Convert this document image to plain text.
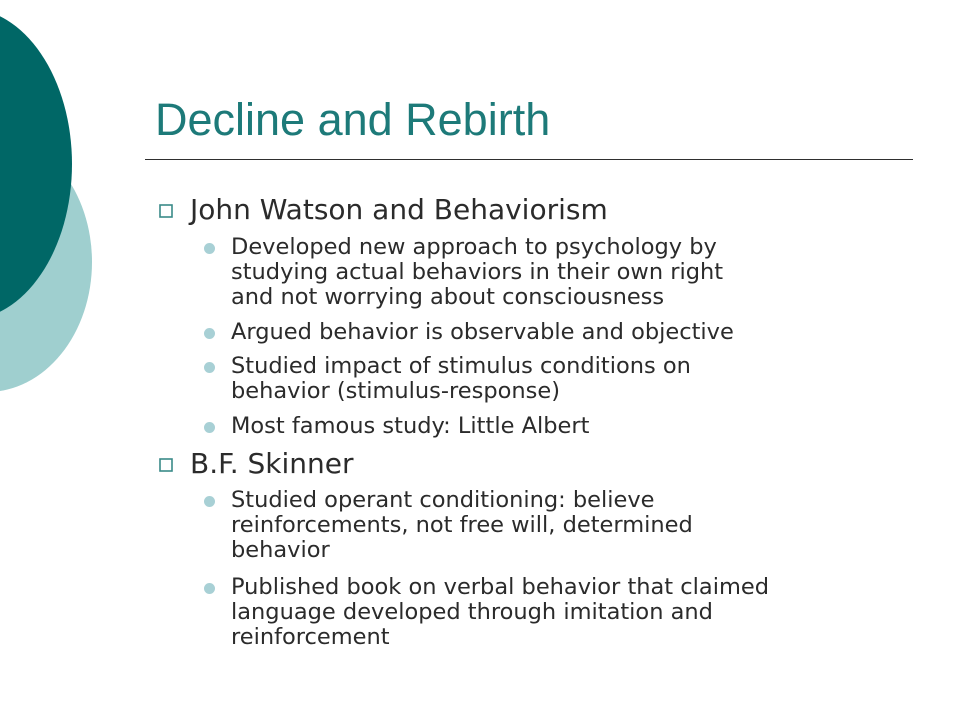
Decline and Rebirth
John Watson and Behaviorism
Developed new approach to psychology by
studying actual behaviors in their own right
and not worrying about consciousness
Argued behavior is observable and objective
Studied impact of stimulus conditions on
behavior (stimulus-response)
Most famous study: Little Albert
B.F. Skinner
Studied operant conditioning: believe
reinforcements, not free will, determined
behavior
Published book on verbal behavior that claimed
language developed through imitation and
reinforcement
